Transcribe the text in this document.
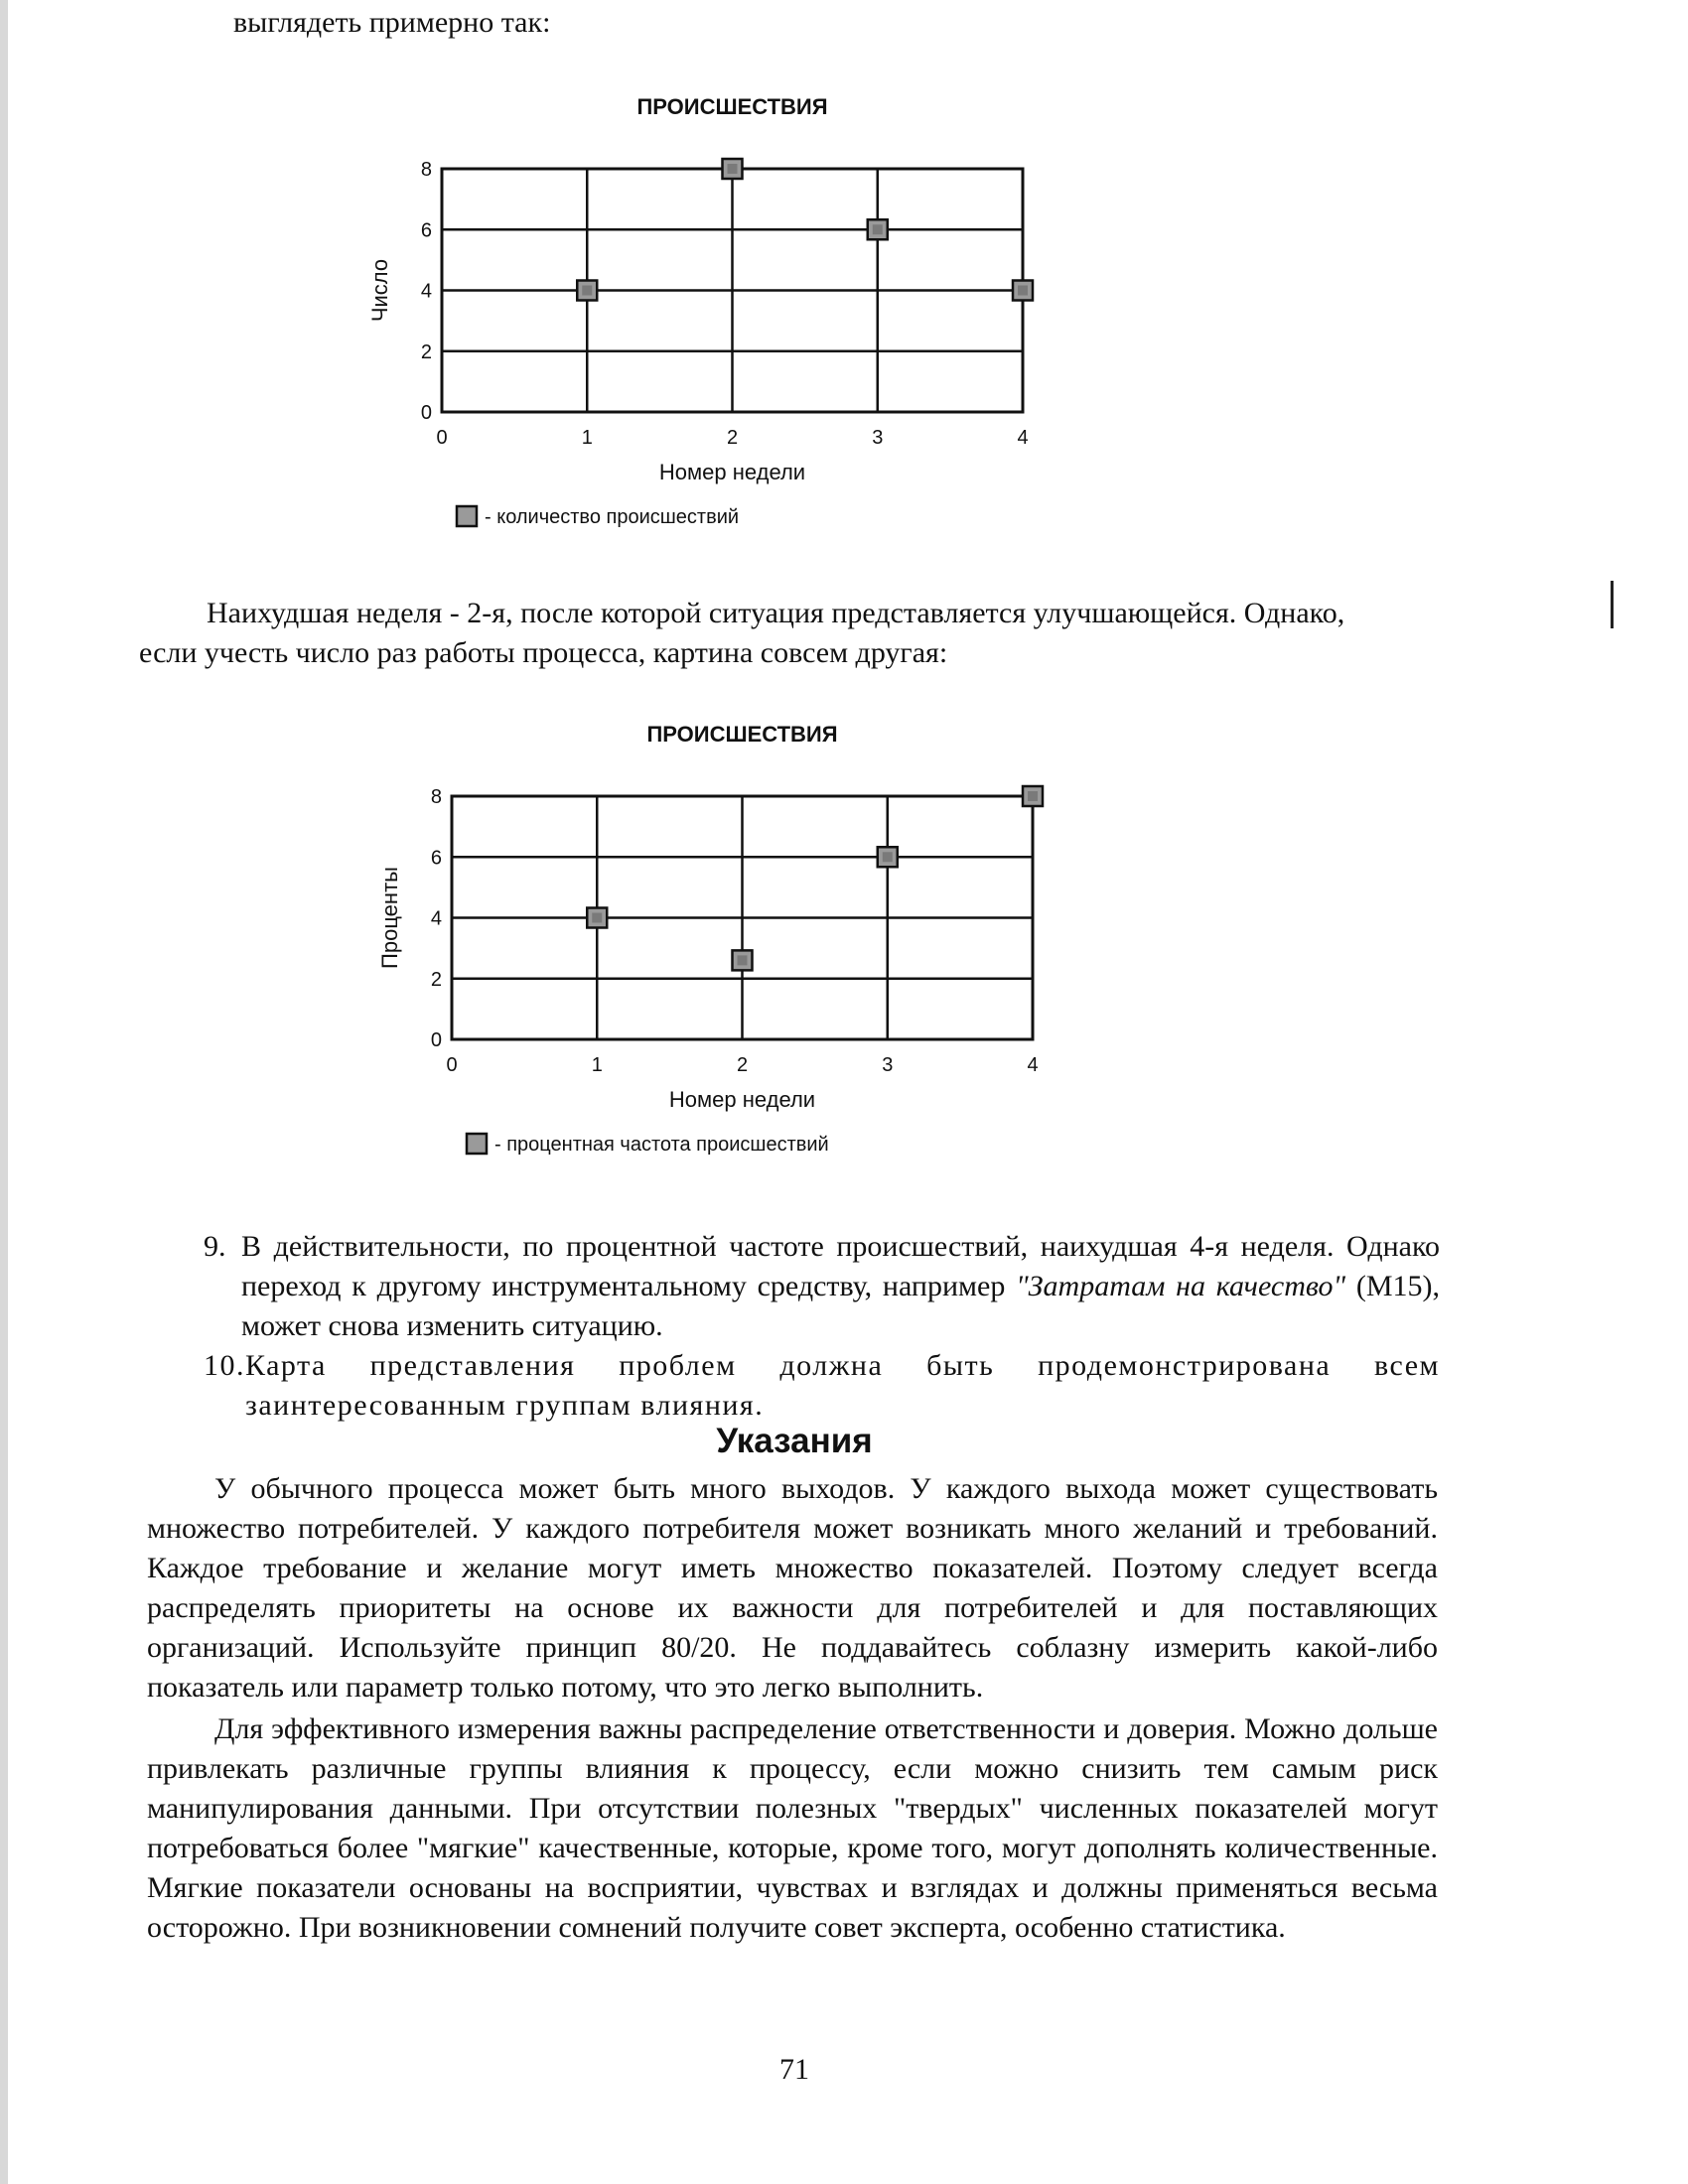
выглядеть примерно так:
ПРОИСШЕСТВИЯ
0
2
4
6
8
0	1	2	3	4
Номер недели
Число
- количество происшествий

Наихудшая неделя - 2-я, после которой ситуация представляется улучшающейся. Однако,

если учесть число раз работы процесса, картина совсем другая:

ПРОИСШЕСТВИЯ
0
2
4
6
8
0	1	2	3	4
Номер недели
Проценты
- процентная частота происшествий
9. В действительности, по процентной частоте происшествий, наихудшая 4-я неделя. Однако переход к другому инструментальному средству, например "Затратам на качество" (М15), может снова изменить ситуацию.
10. Карта представления проблем должна быть продемонстрирована всем заинтересованным группам влияния.
Указания

У обычного процесса может быть много выходов. У каждого выхода может существовать множество потребителей. У каждого потребителя может возникать много желаний и требований. Каждое требование и желание могут иметь множество показателей. Поэтому следует всегда распределять приоритеты на основе их важности для потребителей и для поставляющих организаций. Используйте принцип 80/20. Не поддавайтесь соблазну измерить какой-либо показатель или параметр только потому, что это легко выполнить.

Для эффективного измерения важны распределение ответственности и доверия. Можно дольше привлекать различные группы влияния к процессу, если можно снизить тем самым риск манипулирования данными. При отсутствии полезных "твердых" численных показателей могут потребоваться более "мягкие" качественные, которые, кроме того, могут дополнять количественные. Мягкие показатели основаны на восприятии, чувствах и взглядах и должны применяться весьма осторожно. При возникновении сомнений получите совет эксперта, особенно статистика.

71
